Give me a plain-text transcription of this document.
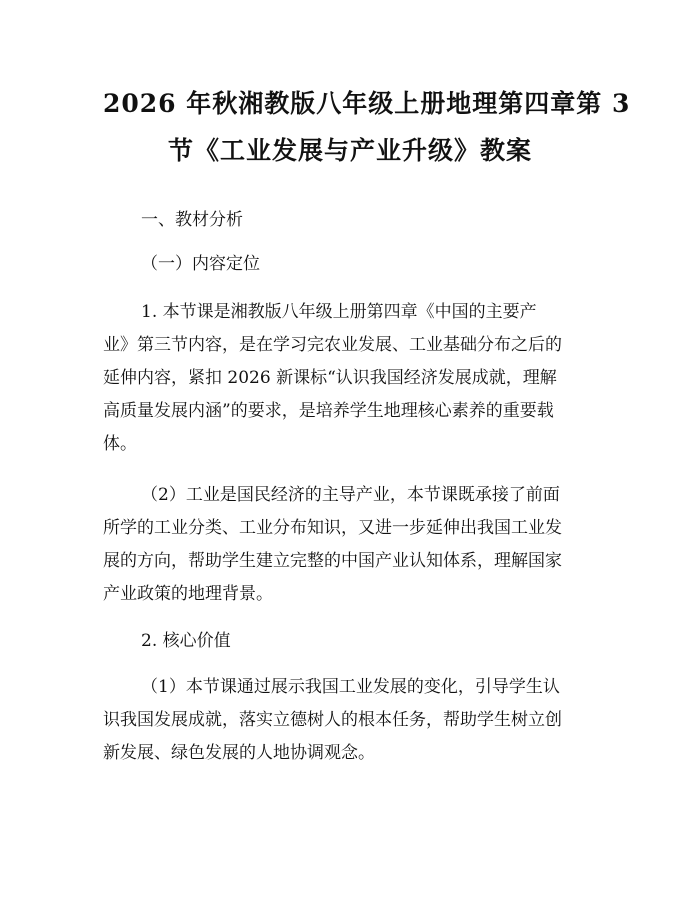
2026 年秋湘教版八年级上册地理第四章第 3
节《工业发展与产业升级》教案

一、教材分析

（一）内容定位

1. 本节课是湘教版八年级上册第四章《中国的主要产
业》第三节内容，是在学习完农业发展、工业基础分布之后的
延伸内容，紧扣 2026 新课标“认识我国经济发展成就，理解
高质量发展内涵”的要求，是培养学生地理核心素养的重要载
体。
（2）工业是国民经济的主导产业，本节课既承接了前面
所学的工业分类、工业分布知识，又进一步延伸出我国工业发
展的方向，帮助学生建立完整的中国产业认知体系，理解国家
产业政策的地理背景。

2. 核心价值

（1）本节课通过展示我国工业发展的变化，引导学生认
识我国发展成就，落实立德树人的根本任务，帮助学生树立创
新发展、绿色发展的人地协调观念。
